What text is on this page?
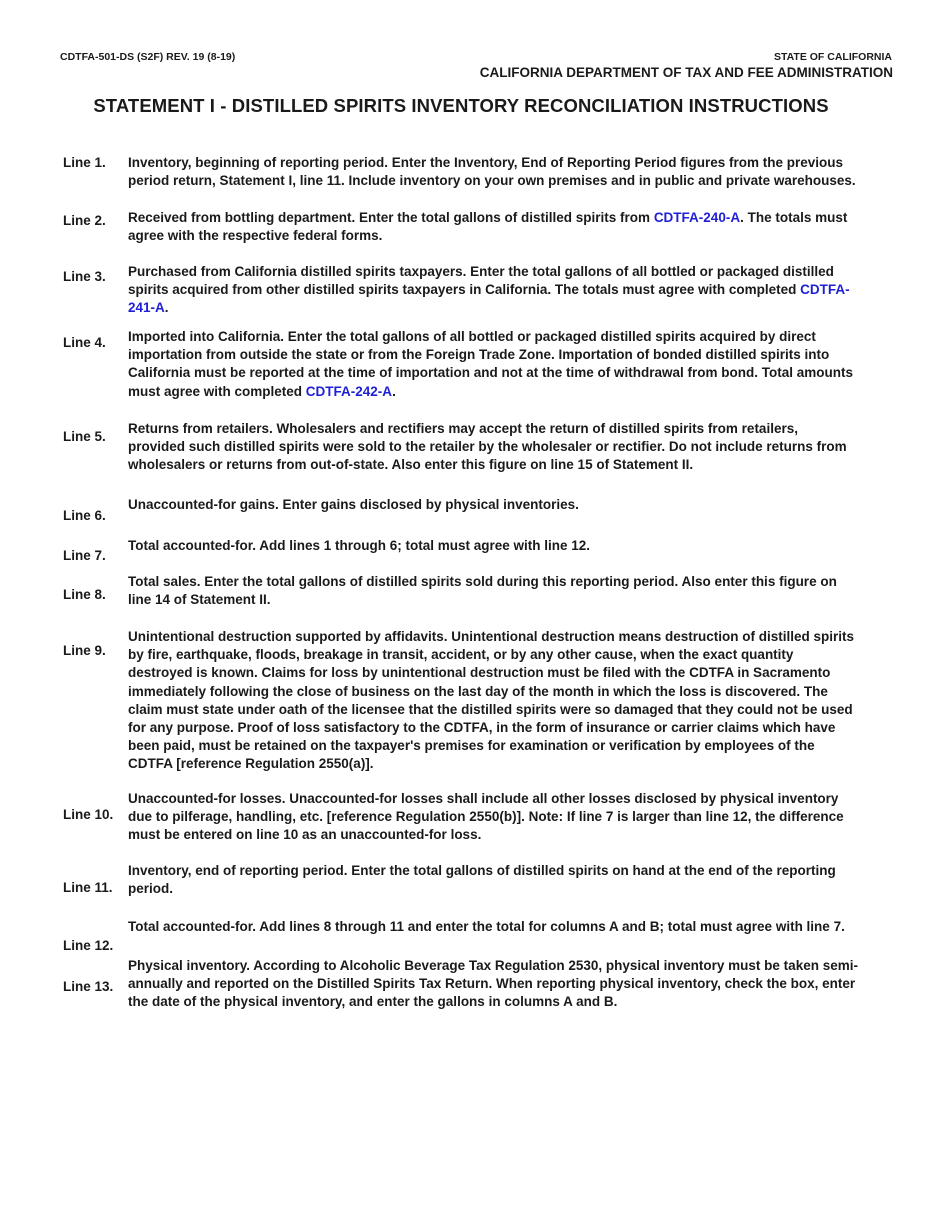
CDTFA-501-DS (S2F) REV. 19 (8-19)	STATE OF CALIFORNIA
CALIFORNIA DEPARTMENT OF TAX AND FEE ADMINISTRATION
STATEMENT I - DISTILLED SPIRITS INVENTORY RECONCILIATION INSTRUCTIONS
Line 1. Inventory, beginning of reporting period. Enter the Inventory, End of Reporting Period figures from the previous period return, Statement I, line 11. Include inventory on your own premises and in public and private warehouses.
Line 2. Received from bottling department. Enter the total gallons of distilled spirits from CDTFA-240-A. The totals must agree with the respective federal forms.
Line 3. Purchased from California distilled spirits taxpayers. Enter the total gallons of all bottled or packaged distilled spirits acquired from other distilled spirits taxpayers in California. The totals must agree with completed CDTFA-241-A.
Line 4. Imported into California. Enter the total gallons of all bottled or packaged distilled spirits acquired by direct importation from outside the state or from the Foreign Trade Zone. Importation of bonded distilled spirits into California must be reported at the time of importation and not at the time of withdrawal from bond. Total amounts must agree with completed CDTFA-242-A.
Line 5.
Returns from retailers. Wholesalers and rectifiers may accept the return of distilled spirits from retailers, provided such distilled spirits were sold to the retailer by the wholesaler or rectifier. Do not include returns from wholesalers or returns from out-of-state. Also enter this figure on line 15 of Statement II.
Line 6.
Unaccounted-for gains. Enter gains disclosed by physical inventories.
Line 7.
Total accounted-for. Add lines 1 through 6; total must agree with line 12.
Line 8.
Total sales. Enter the total gallons of distilled spirits sold during this reporting period. Also enter this figure on line 14 of Statement II.
Line 9.
Unintentional destruction supported by affidavits. Unintentional destruction means destruction of distilled spirits by fire, earthquake, floods, breakage in transit, accident, or by any other cause, when the exact quantity destroyed is known. Claims for loss by unintentional destruction must be filed with the CDTFA in Sacramento immediately following the close of business on the last day of the month in which the loss is discovered. The claim must state under oath of the licensee that the distilled spirits were so damaged that they could not be used for any purpose. Proof of loss satisfactory to the CDTFA, in the form of insurance or carrier claims which have been paid, must be retained on the taxpayer's premises for examination or verification by employees of the CDTFA [reference Regulation 2550(a)].
Line 10.
Unaccounted-for losses. Unaccounted-for losses shall include all other losses disclosed by physical inventory due to pilferage, handling, etc. [reference Regulation 2550(b)]. Note: If line 7 is larger than line 12, the difference must be entered on line 10 as an unaccounted-for loss.
Line 11.
Inventory, end of reporting period. Enter the total gallons of distilled spirits on hand at the end of the reporting period.
Line 12.
Total accounted-for. Add lines 8 through 11 and enter the total for columns A and B; total must agree with line 7.
Line 13.
Physical inventory. According to Alcoholic Beverage Tax Regulation 2530, physical inventory must be taken semi-annually and reported on the Distilled Spirits Tax Return. When reporting physical inventory, check the box, enter the date of the physical inventory, and enter the gallons in columns A and B.
